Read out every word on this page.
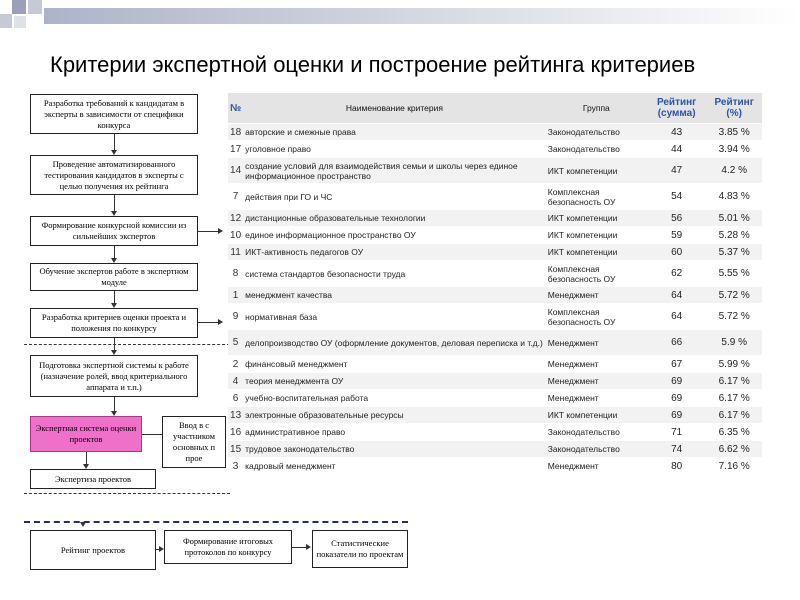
Критерии экспертной оценки и построение рейтинга критериев
Разработка требований к кандидатам в эксперты в зависимости от специфики конкурса
Проведение автоматизированного тестирования кандидатов в эксперты с целью получения их рейтинга
Формирование конкурсной комиссии из сильнейших экспертов
Обучение экспертов работе в экспертном модуле
Разработка критериев оценки проекта и положения по конкурсу
Подготовка экспертной системы к работе (назначение ролей, ввод критериального аппарата и т.п.)
Экспертная система оценки проектов
Ввод в с участником основных п прое
Экспертиза проектов
Рейтинг проектов
Формирование итоговых протоколов по конкурсу
Статистические показатели по проектам
№	Наименование критерия	Группа	Рейтинг (сумма)	Рейтинг (%)
18	авторские и смежные права	Законодательство	43	3.85 %
17	уголовное право	Законодательство	44	3.94 %
14	создание условий для взаимодействия семьи и школы через единое информационное пространство	ИКТ компетенции	47	4.2 %
7	действия при ГО и ЧС	Комплексная безопасность ОУ	54	4.83 %
12	дистанционные образовательные технологии	ИКТ компетенции	56	5.01 %
10	единое информационное пространство ОУ	ИКТ компетенции	59	5.28 %
11	ИКТ-активность педагогов ОУ	ИКТ компетенции	60	5.37 %
8	система стандартов безопасности труда	Комплексная безопасность ОУ	62	5.55 %
1	менеджмент качества	Менеджмент	64	5.72 %
9	нормативная база	Комплексная безопасность ОУ	64	5.72 %
5	делопроизводство ОУ (оформление документов, деловая переписка и т.д.)	Менеджмент	66	5.9 %
2	финансовый менеджмент	Менеджмент	67	5.99 %
4	теория менеджмента ОУ	Менеджмент	69	6.17 %
6	учебно-воспитательная работа	Менеджмент	69	6.17 %
13	электронные образовательные ресурсы	ИКТ компетенции	69	6.17 %
16	административное право	Законодательство	71	6.35 %
15	трудовое законодательство	Законодательство	74	6.62 %
3	кадровый менеджмент	Менеджмент	80	7.16 %
